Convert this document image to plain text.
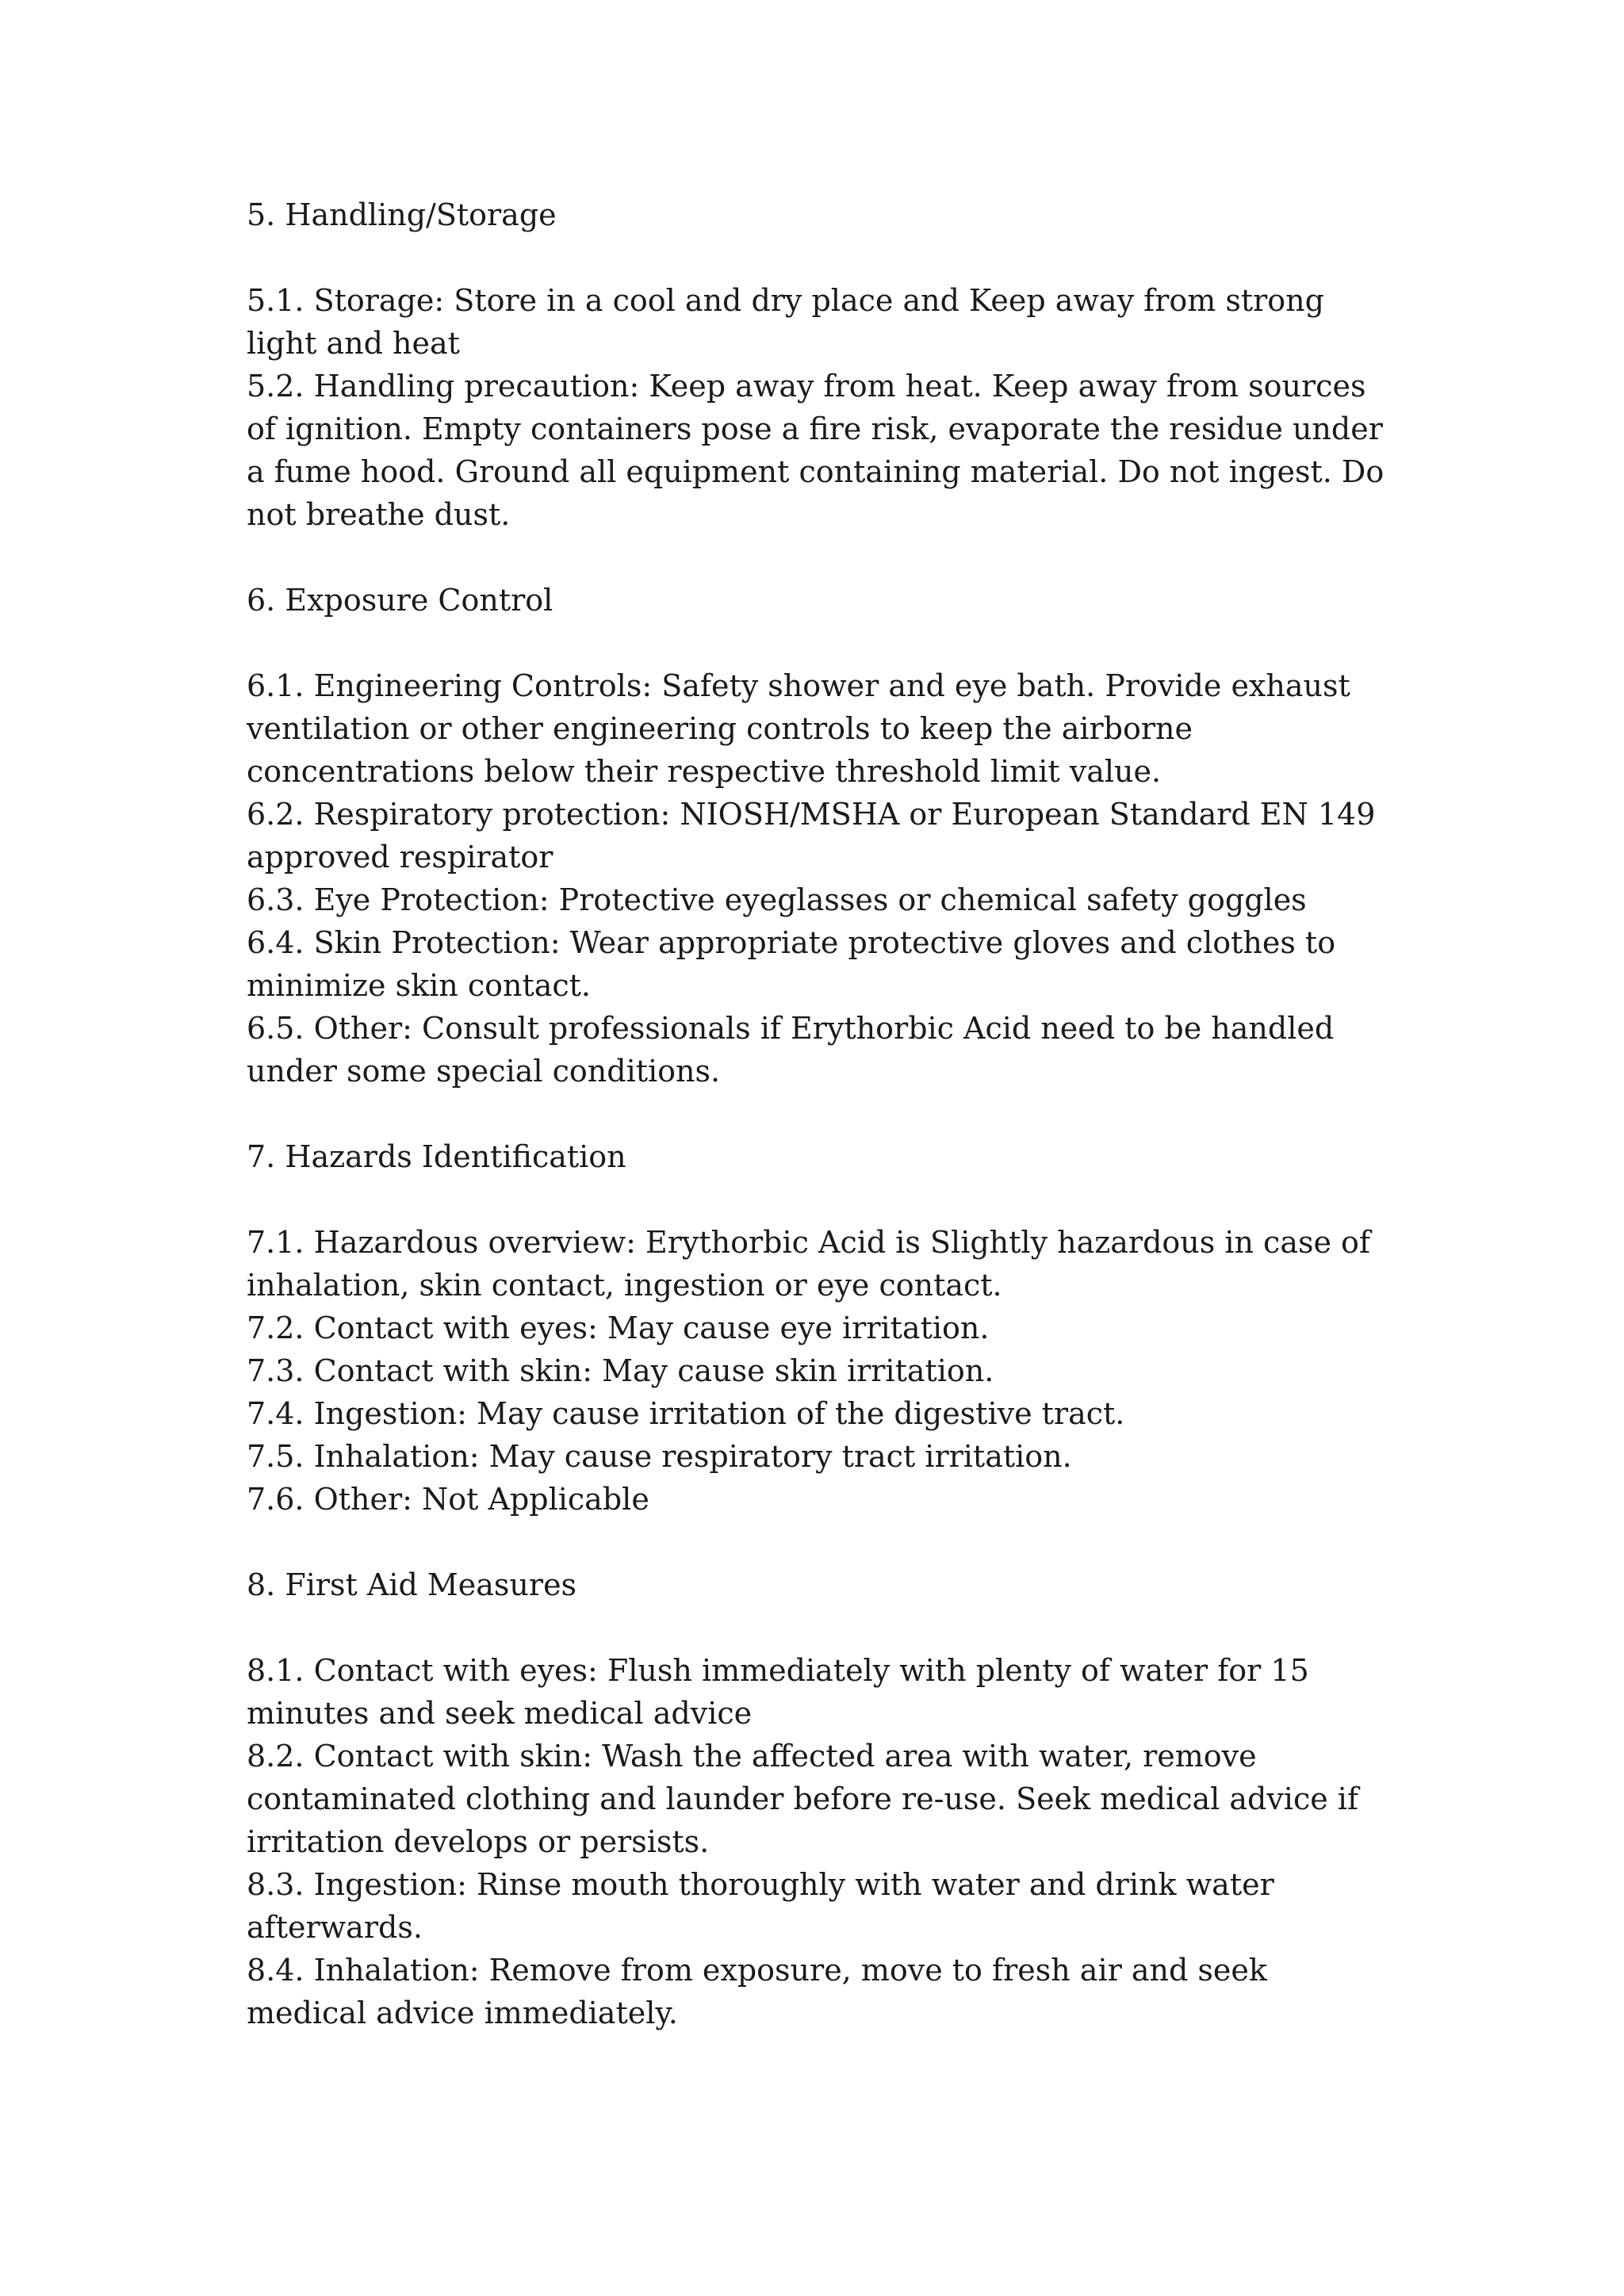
5. Handling/Storage

5.1. Storage: Store in a cool and dry place and Keep away from strong light and heat

5.2. Handling precaution: Keep away from heat. Keep away from sources of ignition. Empty containers pose a fire risk, evaporate the residue under a fume hood. Ground all equipment containing material. Do not ingest. Do not breathe dust.

6. Exposure Control

6.1. Engineering Controls: Safety shower and eye bath. Provide exhaust ventilation or other engineering controls to keep the airborne concentrations below their respective threshold limit value.

6.2. Respiratory protection: NIOSH/MSHA or European Standard EN 149 approved respirator

6.3. Eye Protection: Protective eyeglasses or chemical safety goggles

6.4. Skin Protection: Wear appropriate protective gloves and clothes to minimize skin contact.

6.5. Other: Consult professionals if Erythorbic Acid need to be handled under some special conditions.

7. Hazards Identification

7.1. Hazardous overview: Erythorbic Acid is Slightly hazardous in case of inhalation, skin contact, ingestion or eye contact.

7.2. Contact with eyes: May cause eye irritation.

7.3. Contact with skin: May cause skin irritation.

7.4. Ingestion: May cause irritation of the digestive tract.

7.5. Inhalation: May cause respiratory tract irritation.

7.6. Other: Not Applicable

8. First Aid Measures

8.1. Contact with eyes: Flush immediately with plenty of water for 15 minutes and seek medical advice

8.2. Contact with skin: Wash the affected area with water, remove contaminated clothing and launder before re-use. Seek medical advice if irritation develops or persists.

8.3. Ingestion: Rinse mouth thoroughly with water and drink water afterwards.

8.4. Inhalation: Remove from exposure, move to fresh air and seek medical advice immediately.
